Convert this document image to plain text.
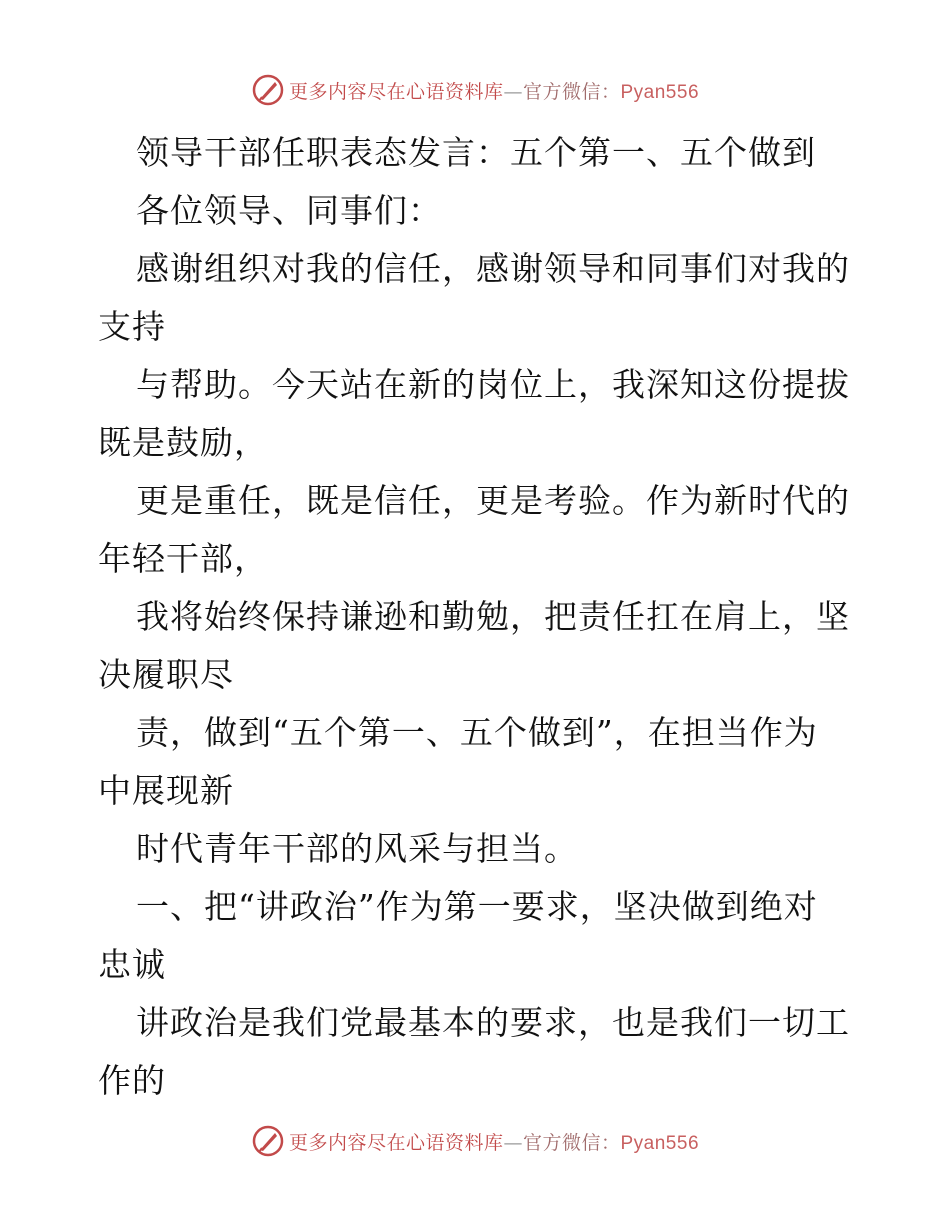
更多内容尽在心语资料库—官方微信：Pyan556
领导干部任职表态发言：五个第一、五个做到
各位领导、同事们：
感谢组织对我的信任，感谢领导和同事们对我的
支持
与帮助。今天站在新的岗位上，我深知这份提拔
既是鼓励，
更是重任，既是信任，更是考验。作为新时代的
年轻干部，
我将始终保持谦逊和勤勉，把责任扛在肩上，坚
决履职尽
责，做到“五个第一、五个做到”，在担当作为
中展现新
时代青年干部的风采与担当。
一、把“讲政治”作为第一要求，坚决做到绝对
忠诚
讲政治是我们党最基本的要求，也是我们一切工
作的
更多内容尽在心语资料库—官方微信：Pyan556
